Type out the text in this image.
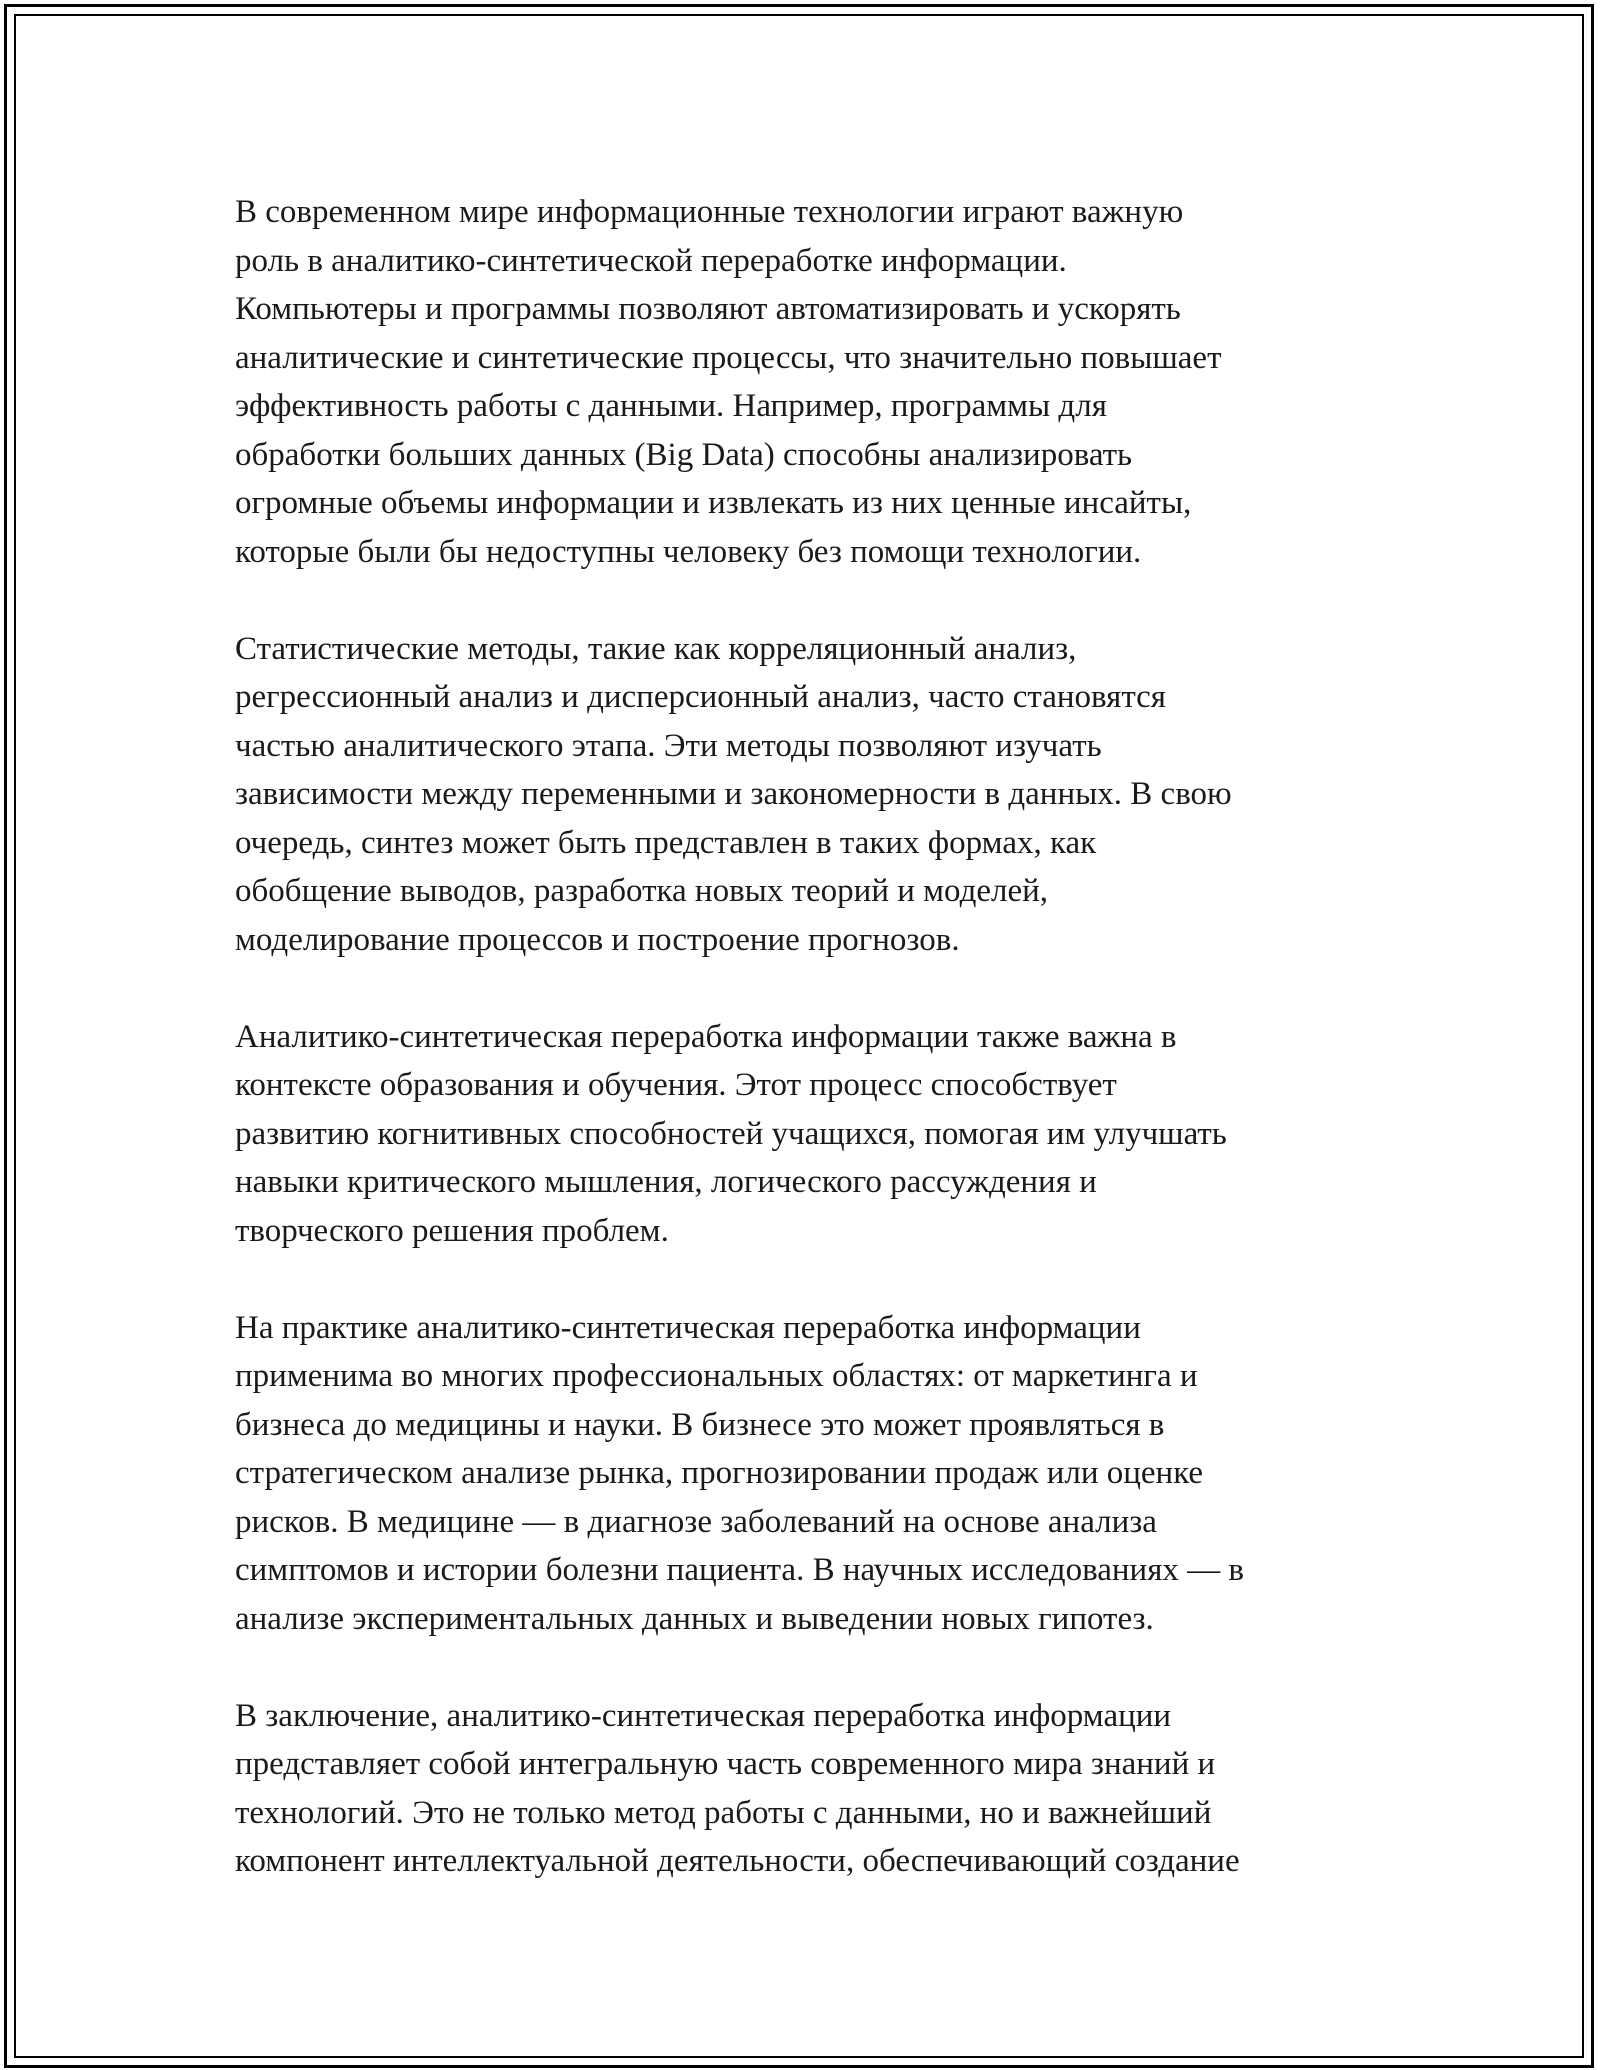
В современном мире информационные технологии играют важную
роль в аналитико-синтетической переработке информации.
Компьютеры и программы позволяют автоматизировать и ускорять
аналитические и синтетические процессы, что значительно повышает
эффективность работы с данными. Например, программы для
обработки больших данных (Big Data) способны анализировать
огромные объемы информации и извлекать из них ценные инсайты,
которые были бы недоступны человеку без помощи технологии.

Статистические методы, такие как корреляционный анализ,
регрессионный анализ и дисперсионный анализ, часто становятся
частью аналитического этапа. Эти методы позволяют изучать
зависимости между переменными и закономерности в данных. В свою
очередь, синтез может быть представлен в таких формах, как
обобщение выводов, разработка новых теорий и моделей,
моделирование процессов и построение прогнозов.

Аналитико-синтетическая переработка информации также важна в
контексте образования и обучения. Этот процесс способствует
развитию когнитивных способностей учащихся, помогая им улучшать
навыки критического мышления, логического рассуждения и
творческого решения проблем.

На практике аналитико-синтетическая переработка информации
применима во многих профессиональных областях: от маркетинга и
бизнеса до медицины и науки. В бизнесе это может проявляться в
стратегическом анализе рынка, прогнозировании продаж или оценке
рисков. В медицине — в диагнозе заболеваний на основе анализа
симптомов и истории болезни пациента. В научных исследованиях — в
анализе экспериментальных данных и выведении новых гипотез.

В заключение, аналитико-синтетическая переработка информации
представляет собой интегральную часть современного мира знаний и
технологий. Это не только метод работы с данными, но и важнейший
компонент интеллектуальной деятельности, обеспечивающий создание
